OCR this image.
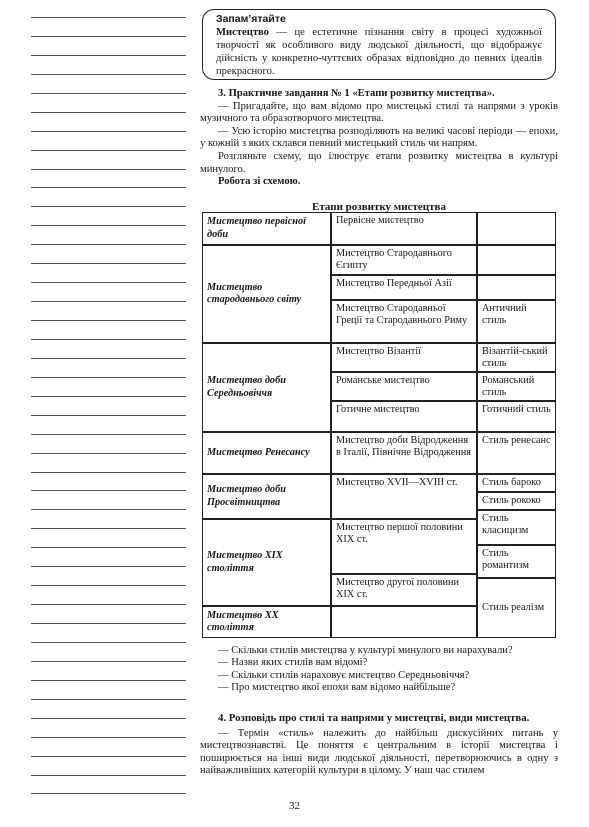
Запам’ятайте

Мистецтво — це естетичне пізнання світу в процесі художньої творчості як особливого виду людської діяльності, що відображує дійсність у конкретно-чуттєвих образах відповідно до певних ідеалів прекрасного.

3. Практичне завдання № 1 «Етапи розвитку мистецтва».

— Пригадайте, що вам відомо про мистецькі стилі та напрями з уроків музичного та образотворчого мистецтва.

— Усю історію мистецтва розподіляють на великі часові періоди — епохи, у кожній з яких склався певний мистецький стиль чи напрям.

Розгляньте схему, що ілюструє етапи розвитку мистецтва в культурі минулого.

Робота зі схемою.

Етапи розвитку мистецтва
Мистецтво первісної доби
Мистецтво стародавнього світу
Мистецтво доби Середньовіччя
Мистецтво Ренесансу
Мистецтво доби Просвітництва
Мистецтво XIX століття
Мистецтво XX століття
Первісне мистецтво
Мистецтво Стародавнього Єгипту
Мистецтво Передньої Азії
Мистецтво Стародавньої Греції та Стародавнього Риму
Мистецтво Візантії
Романське мистецтво
Готичне мистецтво
Мистецтво доби Відродження в Італії, Північне Відродження
Мистецтво XVII—XVIII ст.
Мистецтво першої половини XIX ст.
Мистецтво другої половини XIX ст.
Античний стиль
Візантій-ський стиль
Романський стиль
Готичний стиль
Стиль ренесанс
Стиль бароко
Стиль рококо
Стиль класицизм
Стиль романтизм
Стиль реалізм
— Скільки стилів мистецтва у культурі минулого ви нарахували?
— Назви яких стилів вам відомі?
— Скільки стилів нараховує мистецтво Середньовіччя?
— Про мистецтво якої епохи вам відомо найбільше?
4. Розповідь про стилі та напрями у мистецтві, види мистецтва.

— Термін «стиль» належить до найбільш дискусійних питань у мистецтвознавстві. Це поняття є центральним в історії мистецтва і поширюється на інші види людської діяльності, перетворюючись в одну з найважливіших категорій культури в цілому. У наш час стилем

32
